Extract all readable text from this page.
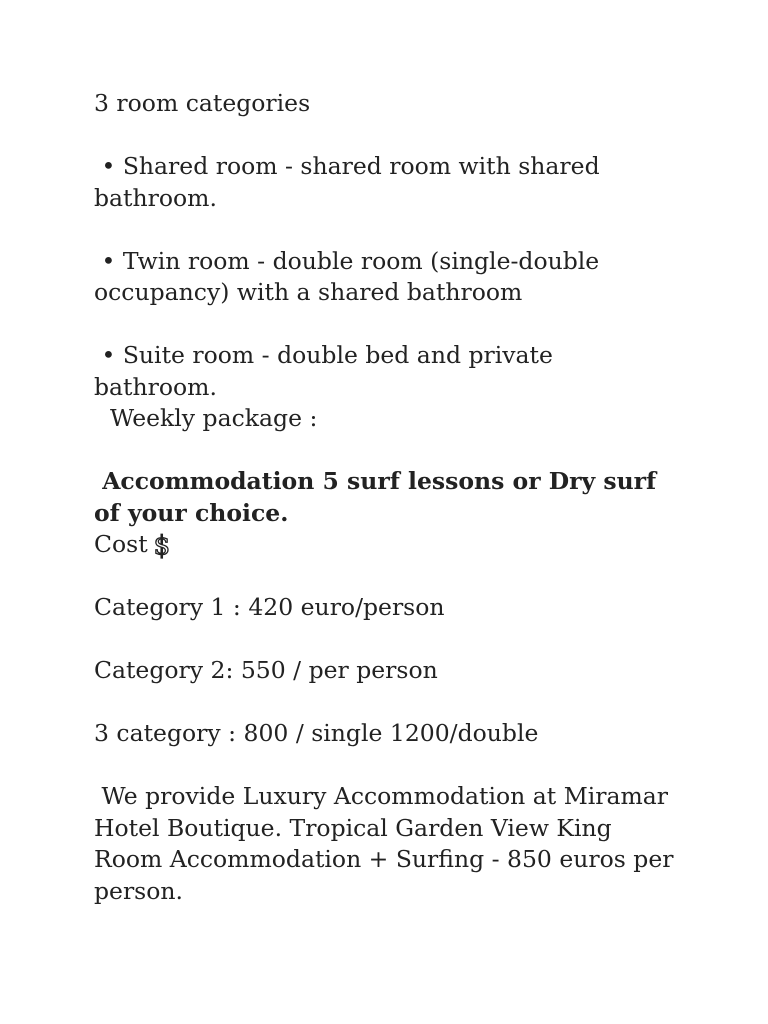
3 room categories
• Shared room - shared room with shared
bathroom.
• Twin room - double room (single-double
occupancy) with a shared bathroom
• Suite room - double bed and private
bathroom.
Weekly package :
Accommodation 5 surf lessons or Dry surf
of your choice.
Cost $
Category 1 : 420 euro/person
Category 2: 550 / per person
3 category : 800 / single 1200/double
We provide Luxury Accommodation at Miramar
Hotel Boutique. Tropical Garden View King
Room Accommodation + Surfing - 850 euros per
person.
